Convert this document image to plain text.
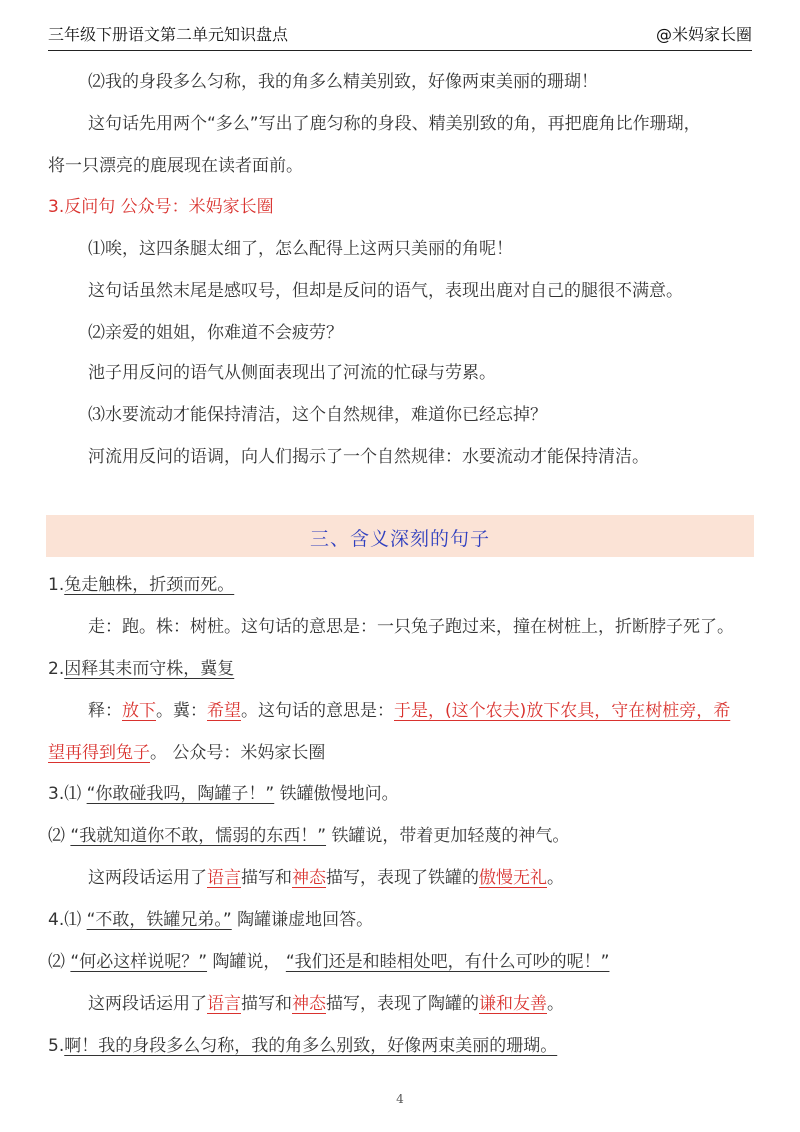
三年级下册语文第二单元知识盘点	@米妈家长圈
⑵我的身段多么匀称，我的角多么精美别致，好像两束美丽的珊瑚！
这句话先用两个“多么”写出了鹿匀称的身段、精美别致的角，再把鹿角比作珊瑚，
将一只漂亮的鹿展现在读者面前。
3.反问句 公众号：米妈家长圈
⑴唉，这四条腿太细了，怎么配得上这两只美丽的角呢！
这句话虽然末尾是感叹号，但却是反问的语气，表现出鹿对自己的腿很不满意。
⑵亲爱的姐姐，你难道不会疲劳？
池子用反问的语气从侧面表现出了河流的忙碌与劳累。
⑶水要流动才能保持清洁，这个自然规律，难道你已经忘掉？
河流用反问的语调，向人们揭示了一个自然规律：水要流动才能保持清洁。
三、含义深刻的句子
1.兔走触株，折颈而死。
走：跑。株：树桩。这句话的意思是：一只兔子跑过来，撞在树桩上，折断脖子死了。
2.因释其耒而守株，冀复
释：放下。冀：希望。这句话的意思是：于是，(这个农夫)放下农具，守在树桩旁，希
望再得到兔子。 公众号：米妈家长圈
3.⑴ “你敢碰我吗，陶罐子！” 铁罐傲慢地问。
⑵ “我就知道你不敢，懦弱的东西！” 铁罐说，带着更加轻蔑的神气。
这两段话运用了语言描写和神态描写，表现了铁罐的傲慢无礼。
4.⑴ “不敢，铁罐兄弟。” 陶罐谦虚地回答。
⑵ “何必这样说呢？” 陶罐说， “我们还是和睦相处吧，有什么可吵的呢！”
这两段话运用了语言描写和神态描写，表现了陶罐的谦和友善。
5.啊！我的身段多么匀称，我的角多么别致，好像两束美丽的珊瑚。
4
